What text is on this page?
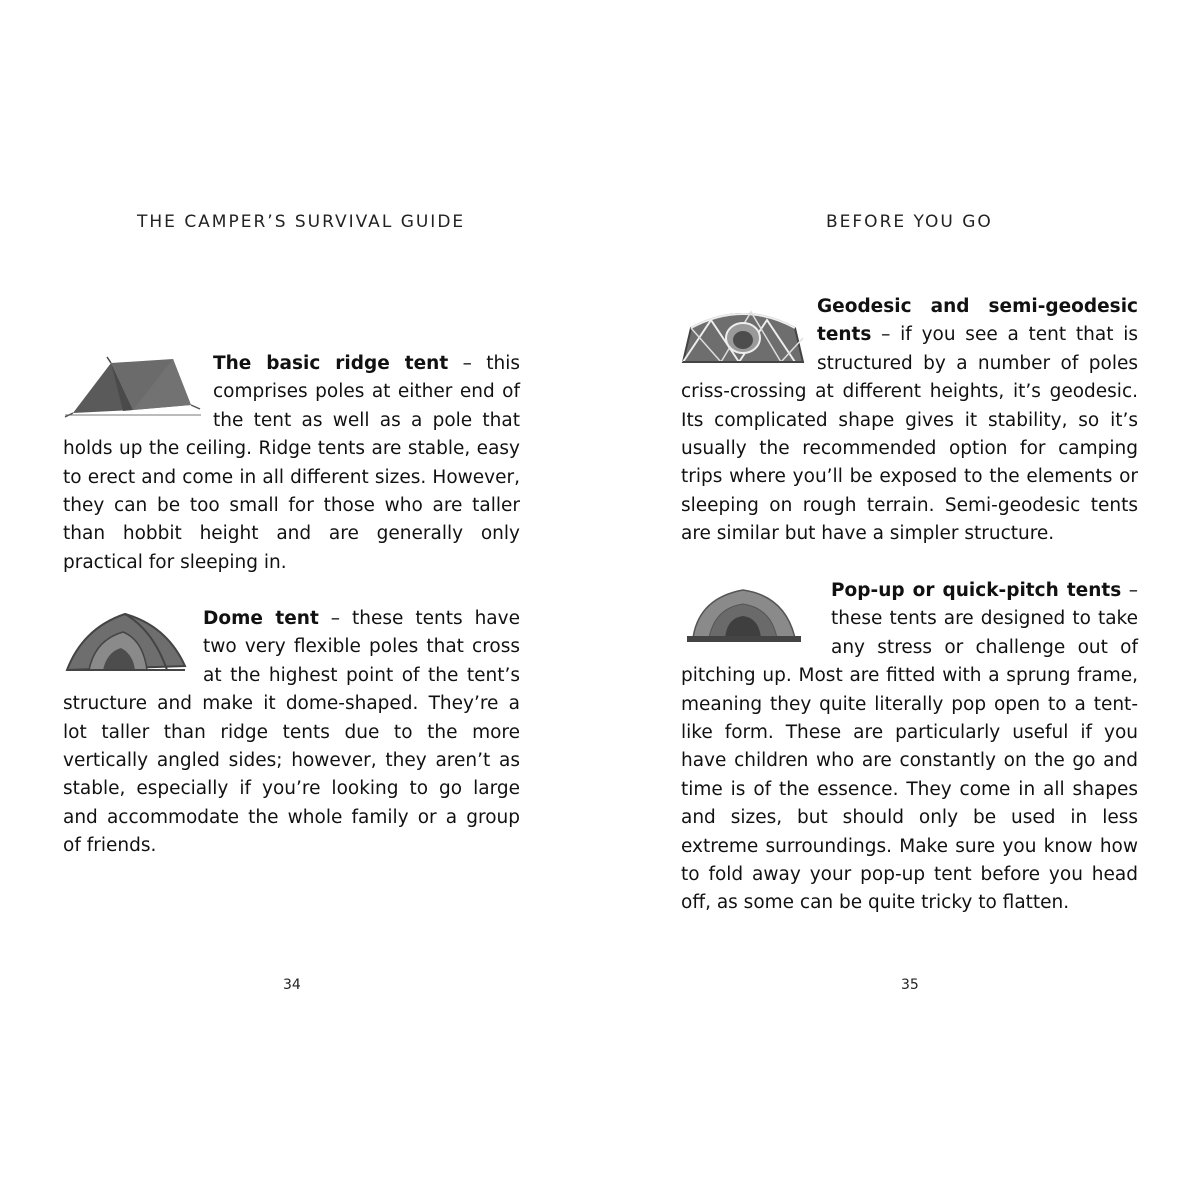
THE CAMPER’S SURVIVAL GUIDE
The basic ridge tent – this comprises poles at either end of the tent as well as a pole that holds up the ceiling. Ridge tents are stable, easy to erect and come in all different sizes. However, they can be too small for those who are taller than hobbit height and are generally only practical for sleeping in.
Dome tent – these tents have two very flexible poles that cross at the highest point of the tent’s structure and make it dome-shaped. They’re a lot taller than ridge tents due to the more vertically angled sides; however, they aren’t as stable, especially if you’re looking to go large and accommodate the whole family or a group of friends.
34
BEFORE YOU GO
Geodesic and semi-geodesic tents – if you see a tent that is structured by a number of poles criss-crossing at different heights, it’s geodesic. Its complicated shape gives it stability, so it’s usually the recommended option for camping trips where you’ll be exposed to the elements or sleeping on rough terrain. Semi-geodesic tents are similar but have a simpler structure.
Pop-up or quick-pitch tents – these tents are designed to take any stress or challenge out of pitching up. Most are fitted with a sprung frame, meaning they quite literally pop open to a tent-like form. These are particularly useful if you have children who are constantly on the go and time is of the essence. They come in all shapes and sizes, but should only be used in less extreme surroundings. Make sure you know how to fold away your pop-up tent before you head off, as some can be quite tricky to flatten.
35
